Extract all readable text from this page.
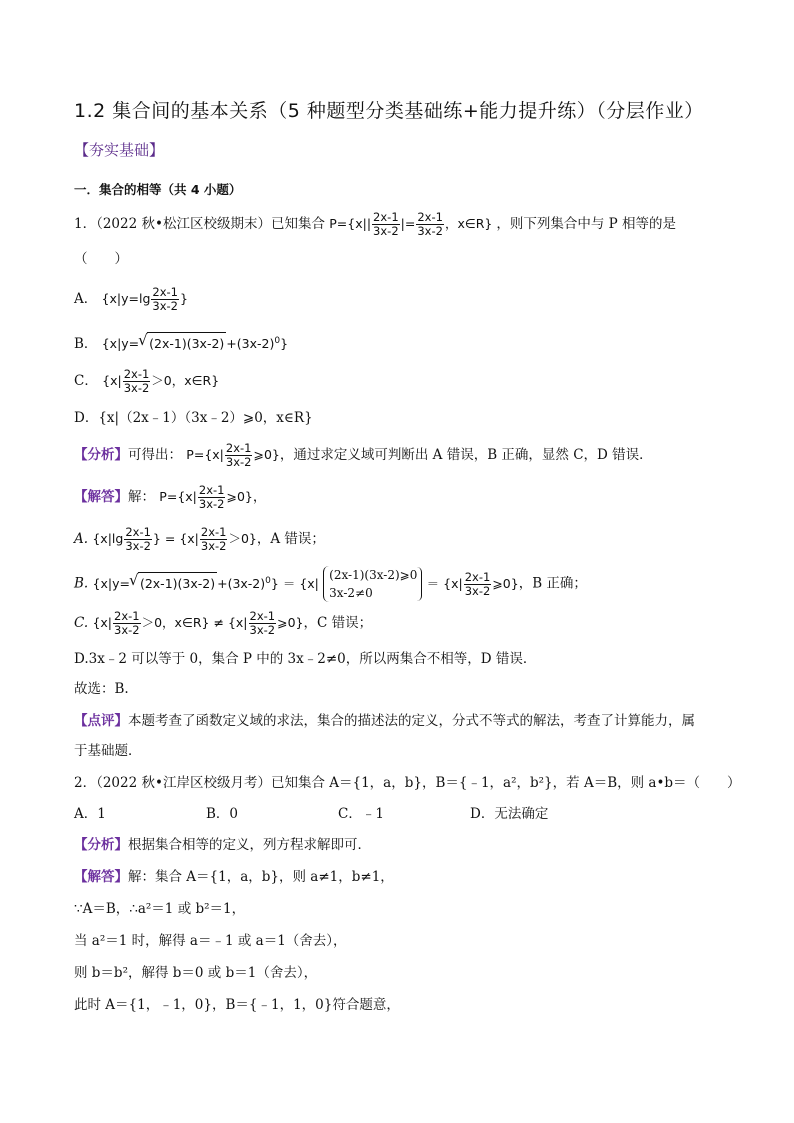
1.2 集合间的基本关系（5 种题型分类基础练+能力提升练）（分层作业）
【夯实基础】
一．集合的相等（共 4 小题）
1．（2022 秋•松江区校级期末）已知集合 $P=\{x|| \frac{2x-1}{3x-2}$ |= $\frac{2x-1}{3x-2}$ ，x∈R} ，则下列集合中与 P 相等的是
（　　）
A． {$x|y=\lg \frac{2x-1}{3x-2}$ }
B． {x|y= √ $(2x-1)(3x-2) +(3x-2)^0$}
C． {$x| \frac{2x-1}{3x-2} >0$，x∈R}
D．{x|（2x﹣1）（3x﹣2）⩾0，x∈R}
【分析】可得出： $P=\{x| \frac{2x-1}{3x-2}$ ⩾0}，通过求定义域可判断出 A 错误，B 正确，显然 C，D 错误．
【解答】解： $P=\{x| \frac{2x-1}{3x-2}$ ⩾0}，
A. {$x|\lg \frac{2x-1}{3x-2}$ } = $\{x| \frac{2x-1}{3x-2} >0\}$，A 错误；
B. {x|y= √ $(2x-1)(3x-2) +(3x-2)^0\} = \{x|$ (2x-1)(3x-2)⩾0
$3x-2\ne 0 = \{x| \frac{2x-1}{3x-2}$ ⩾0}，B 正确；
C. {$x| \frac{2x-1}{3x-2} >0$，x∈R} ≠ {$x| \frac{2x-1}{3x-2}$ ⩾0}，C 错误；
D.3x﹣2 可以等于 0，集合 P 中的 3x﹣2≠0，所以两集合不相等，D 错误．
故选：B.
【点评】本题考查了函数定义域的求法，集合的描述法的定义，分式不等式的解法，考查了计算能力，属
于基础题．
2．（2022 秋•江岸区校级月考）已知集合 A＝{1，a，b}，B＝{﹣1，a²，b²}，若 A＝B，则 a•b＝（　　）
A．1	B．0	C．﹣1	D．无法确定
【分析】根据集合相等的定义，列方程求解即可．
【解答】解：集合 A＝{1，a，b}，则 a≠1，b≠1，
∵A＝B，∴a²＝1 或 b²＝1，
当 a²＝1 时，解得 a＝﹣1 或 a＝1（舍去），
则 b＝b²，解得 b＝0 或 b＝1（舍去），
此时 A＝{1，﹣1，0}，B＝{﹣1，1，0}符合题意，
